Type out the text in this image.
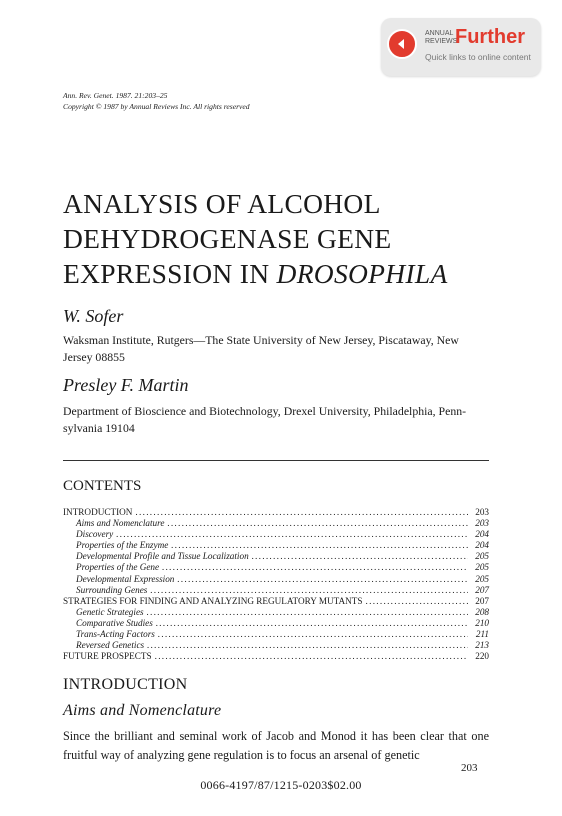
ANNUAL
REVIEWS
Further
Quick links to online content
Ann. Rev. Genet. 1987. 21:203–25
Copyright © 1987 by Annual Reviews Inc. All rights reserved
ANALYSIS OF ALCOHOL
DEHYDROGENASE GENE
EXPRESSION IN DROSOPHILA
W. Sofer
Waksman Institute, Rutgers—The State University of New Jersey, Piscataway, New
Jersey 08855
Presley F. Martin
Department of Bioscience and Biotechnology, Drexel University, Philadelphia, Penn-
sylvania 19104
CONTENTS
INTRODUCTION .....	203
Aims and Nomenclature .....	203
Discovery .....	204
Properties of the Enzyme .....	204
Developmental Profile and Tissue Localization .....	205
Properties of the Gene .....	205
Developmental Expression .....	205
Surrounding Genes .....	207
STRATEGIES FOR FINDING AND ANALYZING REGULATORY MUTANTS .....	207
Genetic Strategies .....	208
Comparative Studies .....	210
Trans-Acting Factors .....	211
Reversed Genetics .....	213
FUTURE PROSPECTS .....	220
INTRODUCTION
Aims and Nomenclature
Since the brilliant and seminal work of Jacob and Monod it has been clear that one fruitful way of analyzing gene regulation is to focus an arsenal of genetic
203
0066-4197/87/1215-0203$02.00
